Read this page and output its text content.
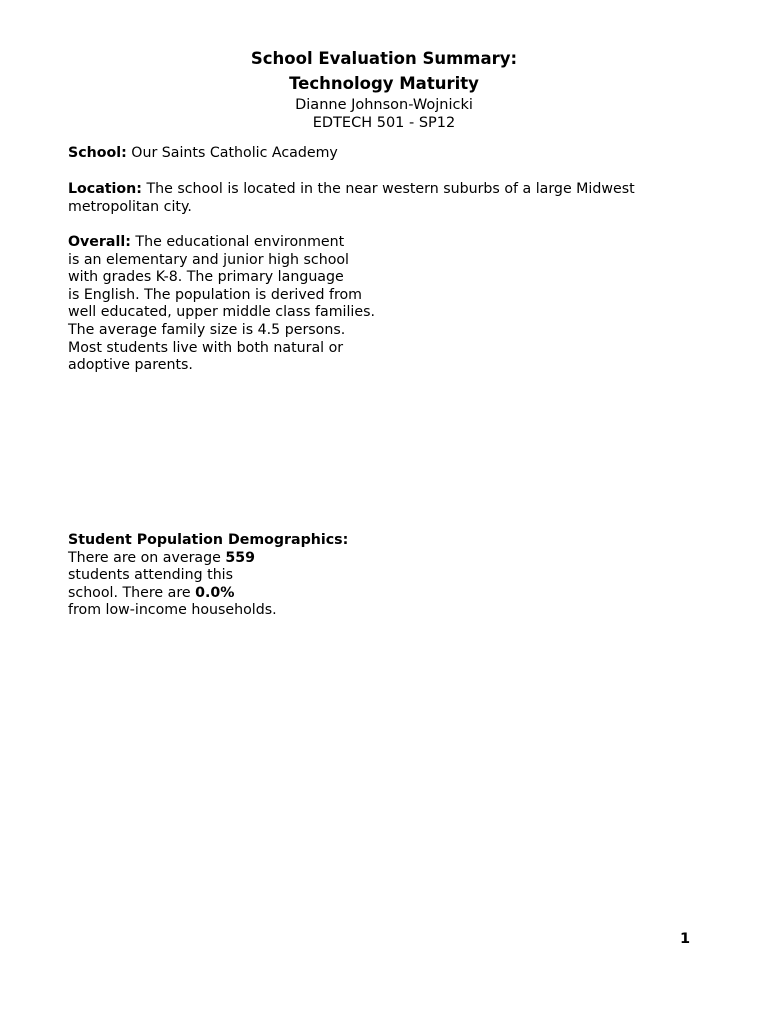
School Evaluation Summary:
Technology Maturity
Dianne Johnson-Wojnicki
EDTECH 501 - SP12
School: Our Saints Catholic Academy
Location: The school is located in the near western suburbs of a large Midwest
metropolitan city.
Overall: The educational environment
is an elementary and junior high school
with grades K-8. The primary language
is English. The population is derived from
well educated, upper middle class families.
The average family size is 4.5 persons.
Most students live with both natural or
adoptive parents.
Student Population Demographics:
There are on average 559
students attending this
school. There are 0.0%
from low-income households.
1
